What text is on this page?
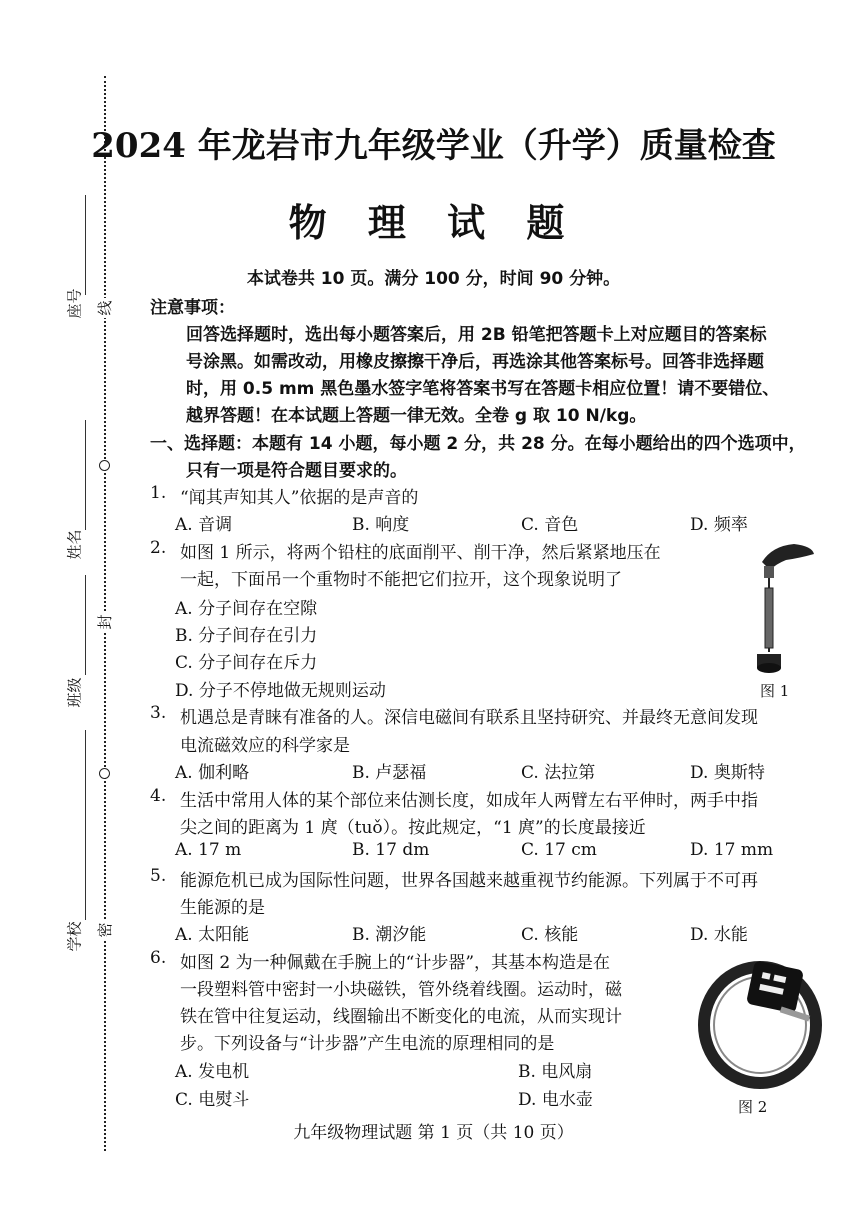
线
封
密
座号
姓名
班级
学校
2024 年龙岩市九年级学业（升学）质量检查
物 理 试 题
本试卷共 10 页。满分 100 分，时间 90 分钟。
注意事项：
回答选择题时，选出每小题答案后，用 2B 铅笔把答题卡上对应题目的答案标
号涂黑。如需改动，用橡皮擦擦干净后，再选涂其他答案标号。回答非选择题
时，用 0.5 mm 黑色墨水签字笔将答案书写在答题卡相应位置！请不要错位、
越界答题！在本试题上答题一律无效。全卷 g 取 10 N/kg。
一、选择题：本题有 14 小题，每小题 2 分，共 28 分。在每小题给出的四个选项中，
只有一项是符合题目要求的。
1. “闻其声知其人”依据的是声音的
A. 音调	B. 响度	C. 音色	D. 频率
2. 如图 1 所示，将两个铅柱的底面削平、削干净，然后紧紧地压在
一起，下面吊一个重物时不能把它们拉开，这个现象说明了
A. 分子间存在空隙
B. 分子间存在引力
C. 分子间存在斥力
D. 分子不停地做无规则运动	图 1
3. 机遇总是青睐有准备的人。深信电磁间有联系且坚持研究、并最终无意间发现
电流磁效应的科学家是
A. 伽利略	B. 卢瑟福	C. 法拉第	D. 奥斯特
4. 生活中常用人体的某个部位来估测长度，如成年人两臂左右平伸时，两手中指
尖之间的距离为 1 庹（tuǒ）。按此规定，“1 庹”的长度最接近
A. 17 m	B. 17 dm	C. 17 cm	D. 17 mm
5. 能源危机已成为国际性问题，世界各国越来越重视节约能源。下列属于不可再
生能源的是
A. 太阳能	B. 潮汐能	C. 核能	D. 水能
6. 如图 2 为一种佩戴在手腕上的“计步器”，其基本构造是在
一段塑料管中密封一小块磁铁，管外绕着线圈。运动时，磁
铁在管中往复运动，线圈输出不断变化的电流，从而实现计
步。下列设备与“计步器”产生电流的原理相同的是
A. 发电机	B. 电风扇
C. 电熨斗	D. 电水壶	图 2
九年级物理试题 第 1 页（共 10 页）
